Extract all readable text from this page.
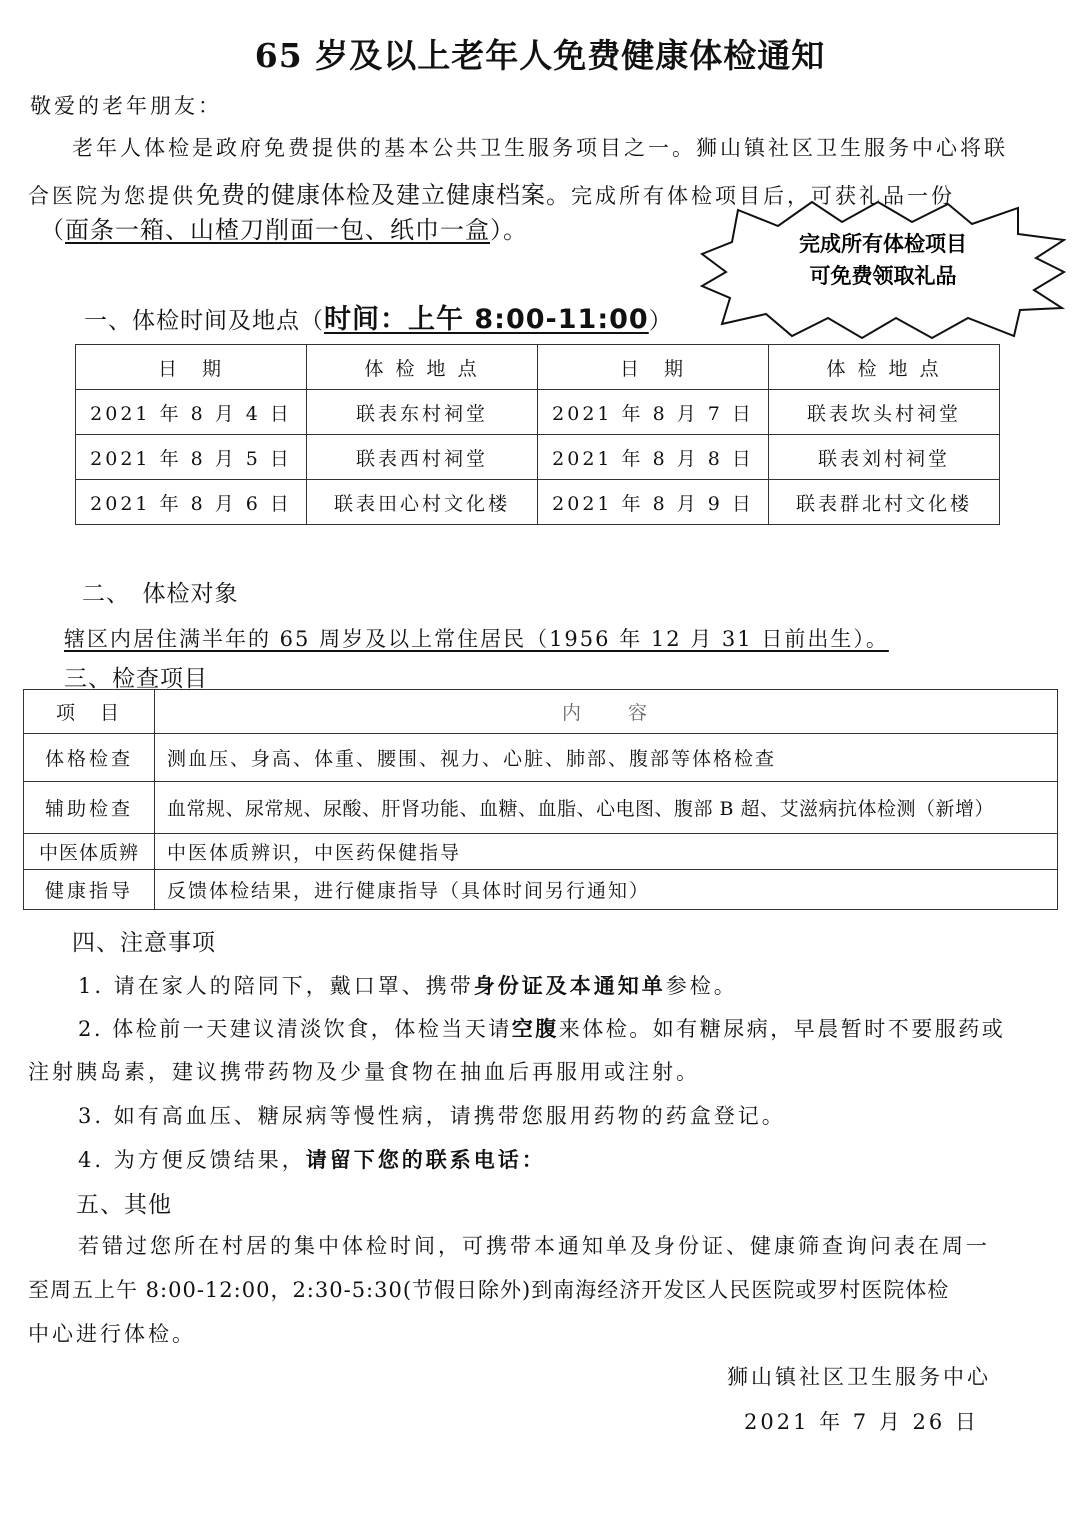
65 岁及以上老年人免费健康体检通知
敬爱的老年朋友：
老年人体检是政府免费提供的基本公共卫生服务项目之一。狮山镇社区卫生服务中心将联
合医院为您提供免费的健康体检及建立健康档案。完成所有体检项目后，可获礼品一份
（面条一箱、山楂刀削面一包、纸巾一盒）。	完成所有体检项目
可免费领取礼品
一、体检时间及地点（时间：上午 8:00-11:00）
日　期	体 检 地 点	日　期	体 检 地 点
2021 年 8 月 4 日	联表东村祠堂	2021 年 8 月 7 日	联表坎头村祠堂
2021 年 8 月 5 日	联表西村祠堂	2021 年 8 月 8 日	联表刘村祠堂
2021 年 8 月 6 日	联表田心村文化楼	2021 年 8 月 9 日	联表群北村文化楼
二、　体检对象
辖区内居住满半年的 65 周岁及以上常住居民（1956 年 12 月 31 日前出生）。
三、检查项目
项　目	内　　容
体格检查	测血压、身高、体重、腰围、视力、心脏、肺部、腹部等体格检查
辅助检查	血常规、尿常规、尿酸、肝肾功能、血糖、血脂、心电图、腹部 B 超、艾滋病抗体检测（新增）
中医体质辨	中医体质辨识，中医药保健指导
健康指导	反馈体检结果，进行健康指导（具体时间另行通知）
四、注意事项
1. 请在家人的陪同下，戴口罩、携带身份证及本通知单参检。
2. 体检前一天建议清淡饮食，体检当天请空腹来体检。如有糖尿病，早晨暂时不要服药或
注射胰岛素，建议携带药物及少量食物在抽血后再服用或注射。
3. 如有高血压、糖尿病等慢性病，请携带您服用药物的药盒登记。
4. 为方便反馈结果，请留下您的联系电话：
五、其他
若错过您所在村居的集中体检时间，可携带本通知单及身份证、健康筛查询问表在周一
至周五上午 8:00-12:00，2:30-5:30(节假日除外)到南海经济开发区人民医院或罗村医院体检
中心进行体检。
狮山镇社区卫生服务中心
2021 年 7 月 26 日
